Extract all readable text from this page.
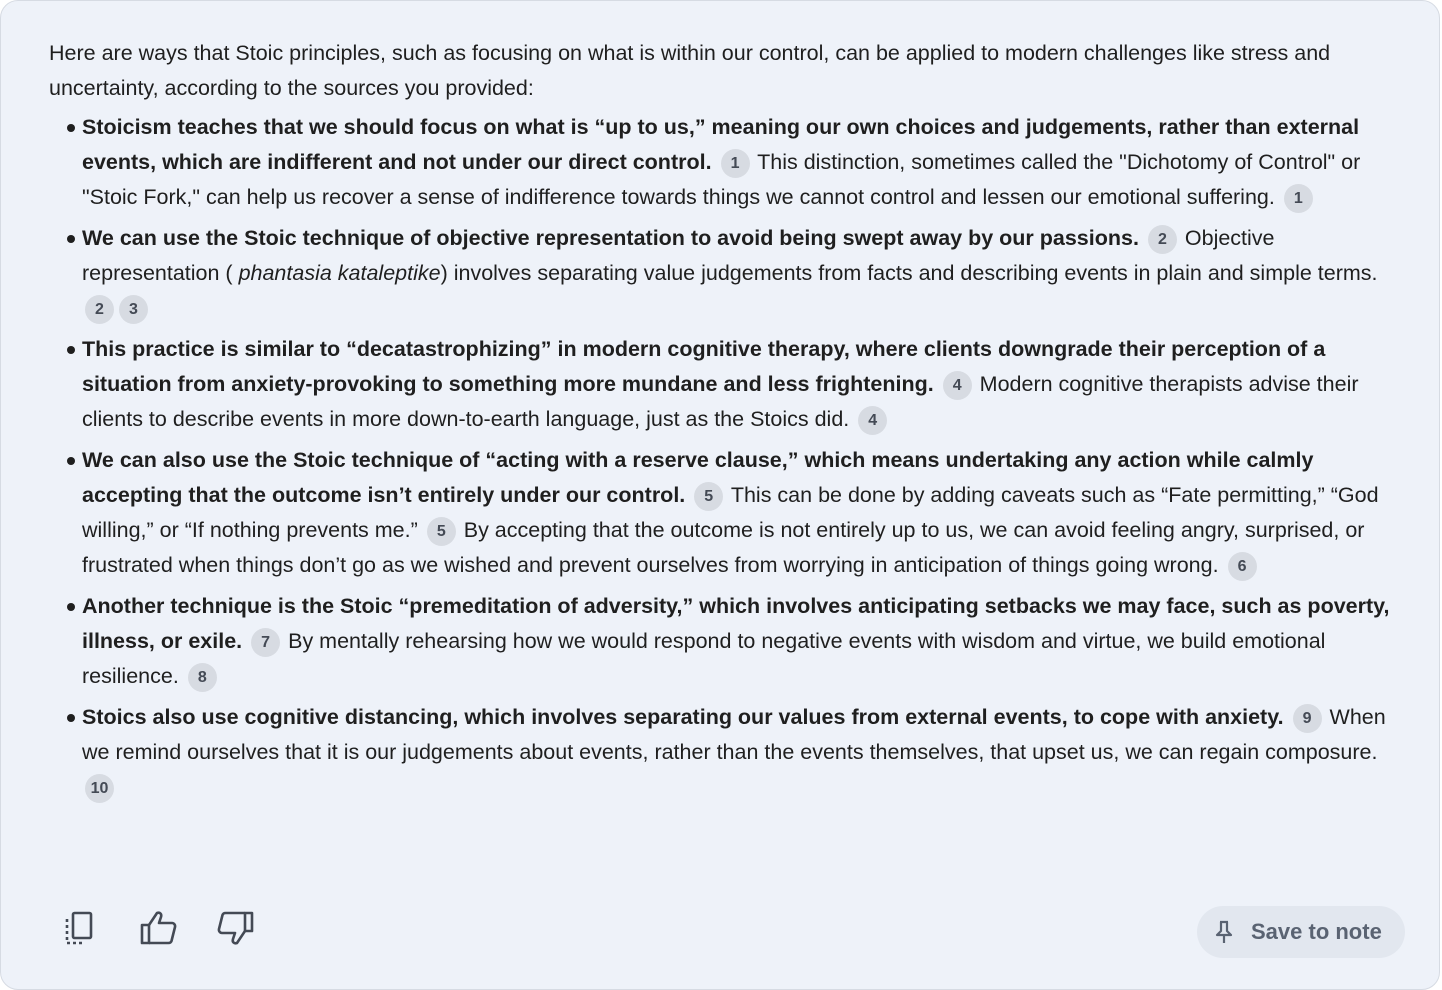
Here are ways that Stoic principles, such as focusing on what is within our control, can be applied to modern challenges like stress and uncertainty, according to the sources you provided:

Stoicism teaches that we should focus on what is “up to us,” meaning our own choices and judgements, rather than external events, which are indifferent and not under our direct control. 1 This distinction, sometimes called the "Dichotomy of Control" or "Stoic Fork," can help us recover a sense of indifference towards things we cannot control and lessen our emotional suffering. 1
We can use the Stoic technique of objective representation to avoid being swept away by our passions. 2 Objective representation ( phantasia kataleptike) involves separating value judgements from facts and describing events in plain and simple terms. 2 3
This practice is similar to “decatastrophizing” in modern cognitive therapy, where clients downgrade their perception of a situation from anxiety-provoking to something more mundane and less frightening. 4 Modern cognitive therapists advise their clients to describe events in more down-to-earth language, just as the Stoics did. 4
We can also use the Stoic technique of “acting with a reserve clause,” which means undertaking any action while calmly accepting that the outcome isn’t entirely under our control. 5 This can be done by adding caveats such as “Fate permitting,” “God willing,” or “If nothing prevents me.” 5 By accepting that the outcome is not entirely up to us, we can avoid feeling angry, surprised, or frustrated when things don’t go as we wished and prevent ourselves from worrying in anticipation of things going wrong. 6
Another technique is the Stoic “premeditation of adversity,” which involves anticipating setbacks we may face, such as poverty, illness, or exile. 7 By mentally rehearsing how we would respond to negative events with wisdom and virtue, we build emotional resilience. 8
Stoics also use cognitive distancing, which involves separating our values from external events, to cope with anxiety. 9 When we remind ourselves that it is our judgements about events, rather than the events themselves, that upset us, we can regain composure. 10
Save to note
